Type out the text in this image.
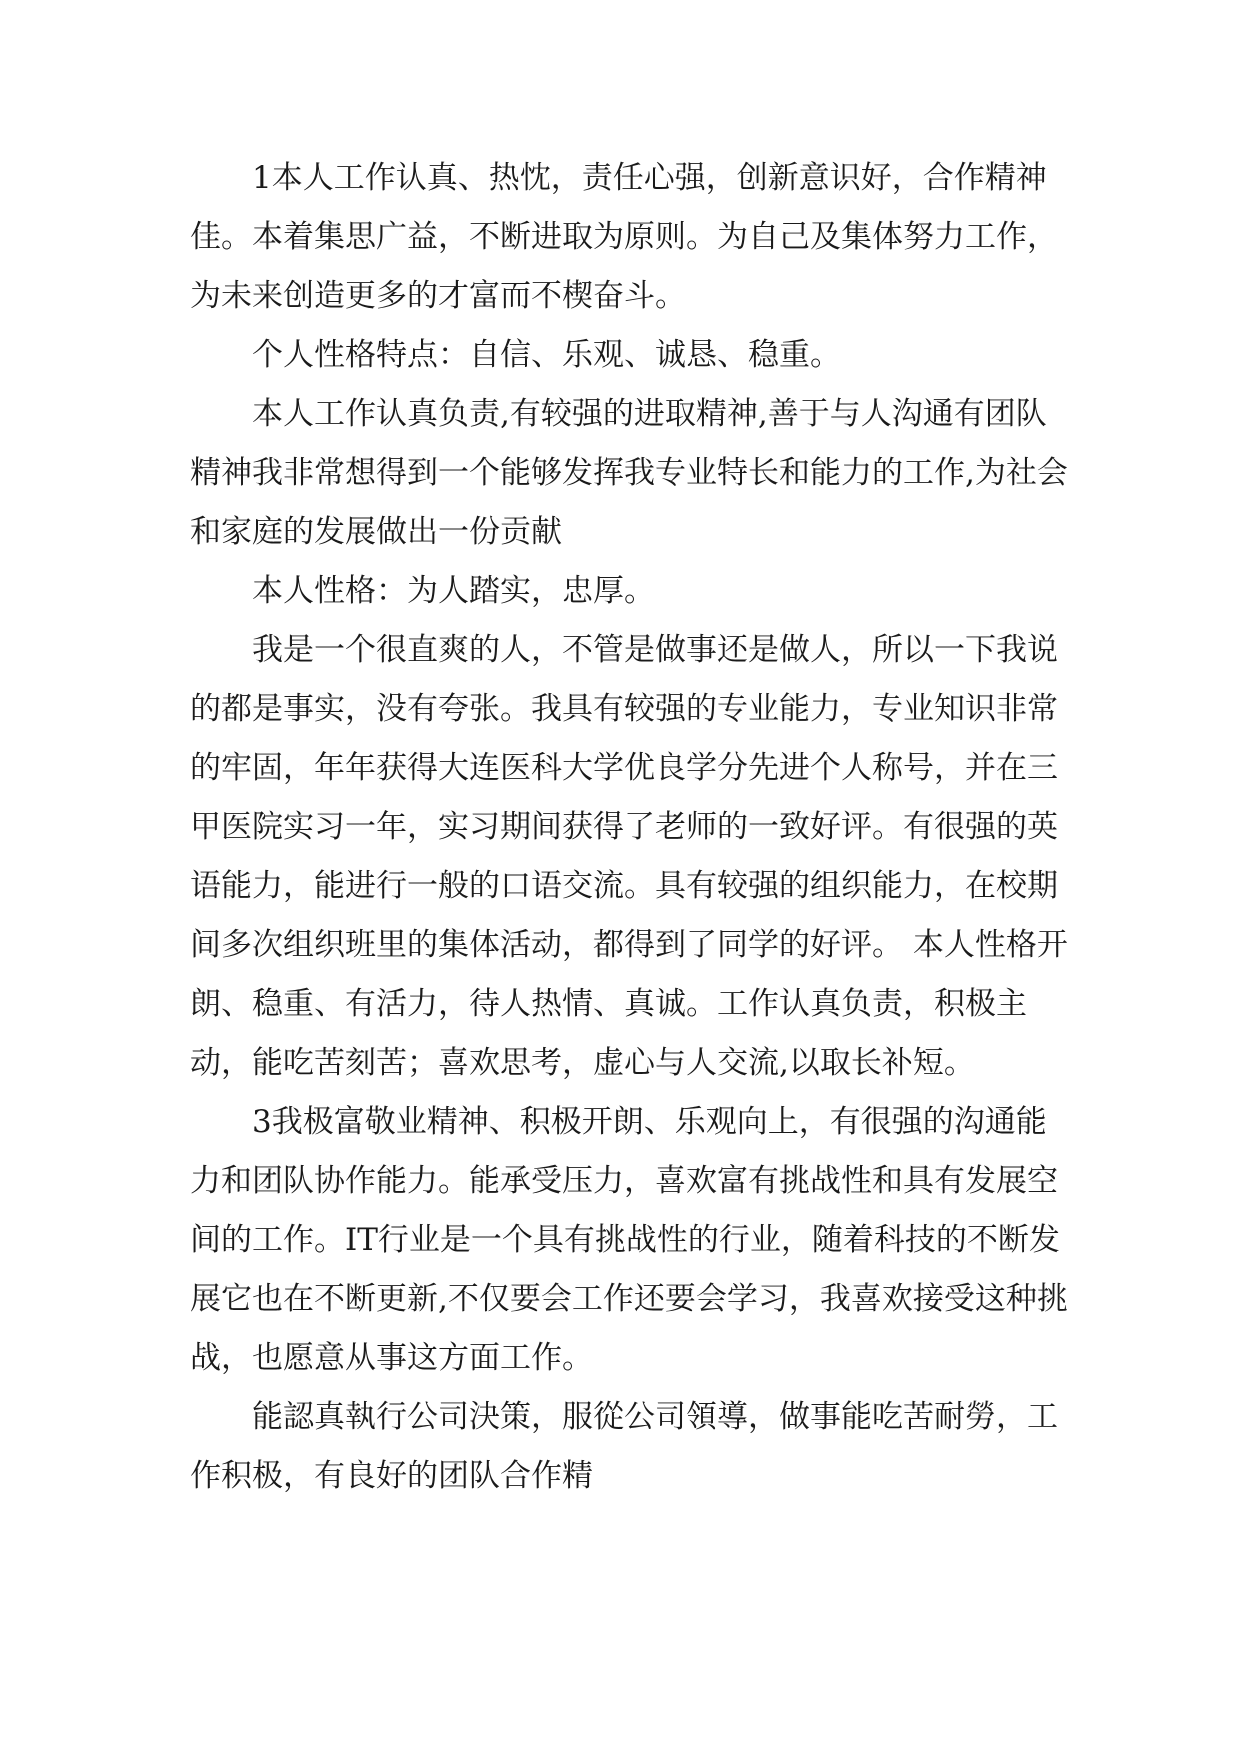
1本人工作认真、热忱，责任心强，创新意识好，合作精神佳。本着集思广益，不断进取为原则。为自己及集体努力工作，为未来创造更多的才富而不楔奋斗。

个人性格特点：自信、乐观、诚恳、稳重。

本人工作认真负责,有较强的进取精神,善于与人沟通有团队精神我非常想得到一个能够发挥我专业特长和能力的工作,为社会和家庭的发展做出一份贡献

本人性格：为人踏实，忠厚。

我是一个很直爽的人，不管是做事还是做人，所以一下我说的都是事实，没有夸张。我具有较强的专业能力，专业知识非常的牢固，年年获得大连医科大学优良学分先进个人称号，并在三甲医院实习一年，实习期间获得了老师的一致好评。有很强的英语能力，能进行一般的口语交流。具有较强的组织能力，在校期间多次组织班里的集体活动，都得到了同学的好评。 本人性格开朗、稳重、有活力，待人热情、真诚。工作认真负责，积极主动，能吃苦刻苦；喜欢思考，虚心与人交流,以取长补短。

3我极富敬业精神、积极开朗、乐观向上，有很强的沟通能力和团队协作能力。能承受压力，喜欢富有挑战性和具有发展空间的工作。IT行业是一个具有挑战性的行业，随着科技的不断发展它也在不断更新,不仅要会工作还要会学习，我喜欢接受这种挑战，也愿意从事这方面工作。

能認真執行公司決策，服從公司領導，做事能吃苦耐勞，工作积极，有良好的团队合作精
